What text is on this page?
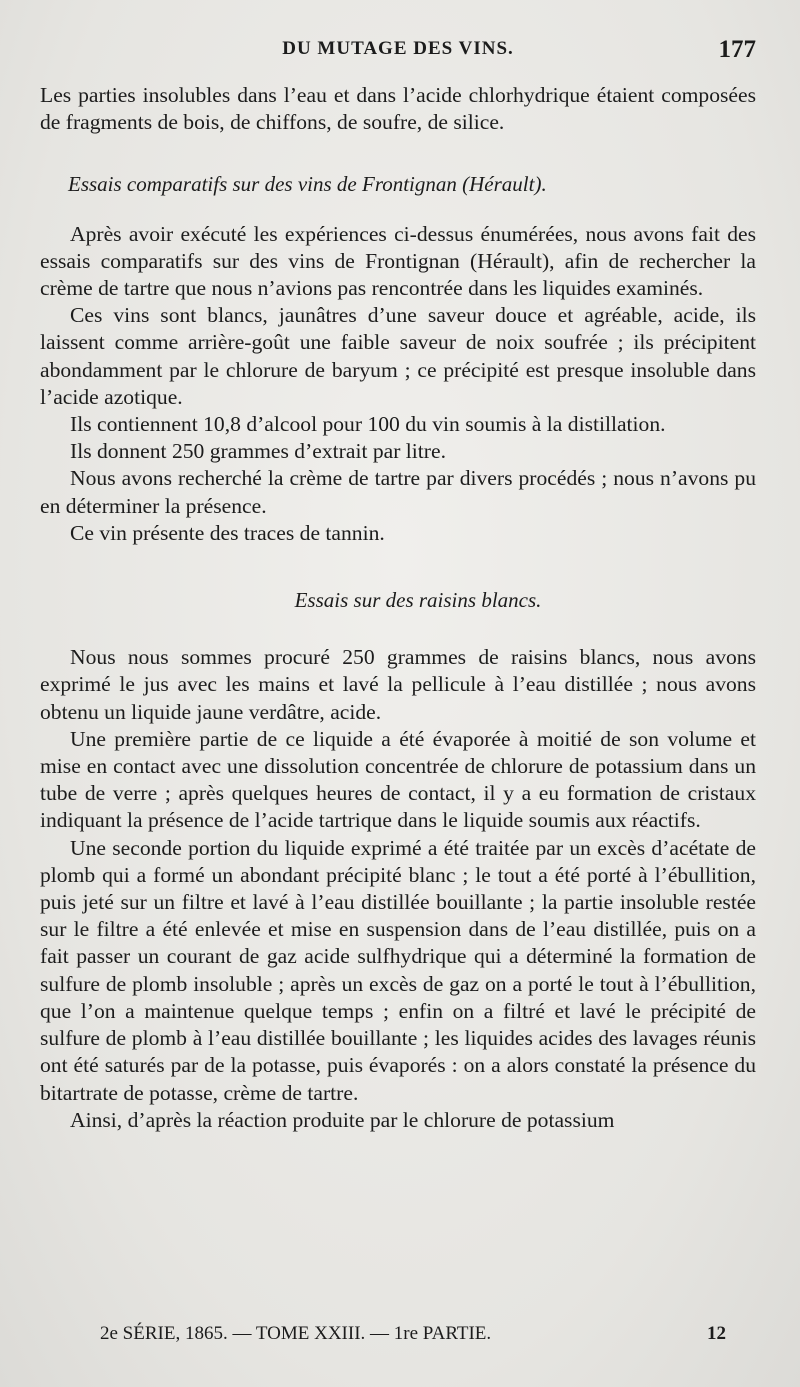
DU MUTAGE DES VINS.	177

Les parties insolubles dans l’eau et dans l’acide chlorhydrique étaient composées de fragments de bois, de chiffons, de soufre, de silice.

Essais comparatifs sur des vins de Frontignan (Hérault).

Après avoir exécuté les expériences ci-dessus énumérées, nous avons fait des essais comparatifs sur des vins de Frontignan (Hérault), afin de rechercher la crème de tartre que nous n’avions pas rencontrée dans les liquides examinés.

Ces vins sont blancs, jaunâtres d’une saveur douce et agréable, acide, ils laissent comme arrière-goût une faible saveur de noix soufrée ; ils précipitent abondamment par le chlorure de baryum ; ce précipité est presque insoluble dans l’acide azotique.

Ils contiennent 10,8 d’alcool pour 100 du vin soumis à la distillation.

Ils donnent 250 grammes d’extrait par litre.

Nous avons recherché la crème de tartre par divers procédés ; nous n’avons pu en déterminer la présence.

Ce vin présente des traces de tannin.

Essais sur des raisins blancs.

Nous nous sommes procuré 250 grammes de raisins blancs, nous avons exprimé le jus avec les mains et lavé la pellicule à l’eau distillée ; nous avons obtenu un liquide jaune verdâtre, acide.

Une première partie de ce liquide a été évaporée à moitié de son volume et mise en contact avec une dissolution concentrée de chlorure de potassium dans un tube de verre ; après quelques heures de contact, il y a eu formation de cristaux indiquant la présence de l’acide tartrique dans le liquide soumis aux réactifs.

Une seconde portion du liquide exprimé a été traitée par un excès d’acétate de plomb qui a formé un abondant précipité blanc ; le tout a été porté à l’ébullition, puis jeté sur un filtre et lavé à l’eau distillée bouillante ; la partie insoluble restée sur le filtre a été enlevée et mise en suspension dans de l’eau distillée, puis on a fait passer un courant de gaz acide sulfhydrique qui a déterminé la formation de sulfure de plomb insoluble ; après un excès de gaz on a porté le tout à l’ébullition, que l’on a maintenue quelque temps ; enfin on a filtré et lavé le précipité de sulfure de plomb à l’eau distillée bouillante ; les liquides acides des lavages réunis ont été saturés par de la potasse, puis évaporés : on a alors constaté la présence du bitartrate de potasse, crème de tartre.

Ainsi, d’après la réaction produite par le chlorure de potassium

2e SÉRIE, 1865. — TOME XXIII. — 1re PARTIE.	12
